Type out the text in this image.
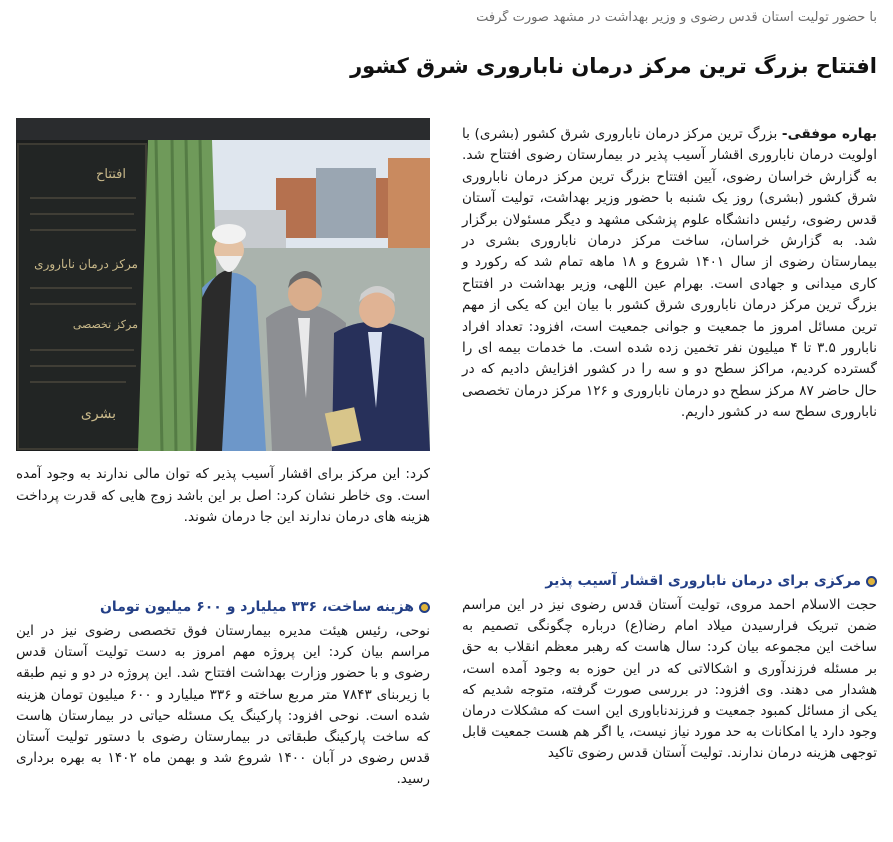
با حضور تولیت آستان قدس رضوی و وزیر بهداشت در مشهد صورت گرفت
افتتاح بزرگ ترین مرکز درمان ناباروری شرق کشور
افتتاح
مرکز درمان ناباروری
مرکز تخصصی
بشری
کرد: این مرکز برای اقشار آسیب پذیر که توان مالی ندارند به وجود آمده است. وی خاطر نشان کرد: اصل بر این باشد زوج هایی که قدرت پرداخت هزینه های درمان ندارند این جا درمان شوند.
بهاره موفقی- بزرگ ترین مرکز درمان ناباروری شرق کشور (بشری) با اولویت درمان ناباروری اقشار آسیب پذیر در بیمارستان رضوی افتتاح شد. به گزارش خراسان رضوی، آیین افتتاح بزرگ ترین مرکز درمان ناباروری شرق کشور (بشری) روز یک شنبه با حضور وزیر بهداشت، تولیت آستان قدس رضوی، رئیس دانشگاه علوم پزشکی مشهد و دیگر مسئولان برگزار شد. به گزارش خراسان، ساخت مرکز درمان ناباروری بشری در بیمارستان رضوی از سال ۱۴۰۱ شروع و ۱۸ ماهه تمام شد که رکورد و کاری میدانی و جهادی است. بهرام عین اللهی، وزیر بهداشت در افتتاح بزرگ ترین مرکز درمان ناباروری شرق کشور با بیان این که یکی از مهم ترین مسائل امروز ما جمعیت و جوانی جمعیت است، افزود: تعداد افراد نابارور ۳.۵ تا ۴ میلیون نفر تخمین زده شده است. ما خدمات بیمه ای را گسترده کردیم، مراکز سطح دو و سه را در کشور افزایش دادیم که در حال حاضر ۸۷ مرکز سطح دو درمان ناباروری و ۱۲۶ مرکز درمان تخصصی ناباروری سطح سه در کشور داریم.
مرکزی برای درمان ناباروری اقشار آسیب پذیر
حجت الاسلام احمد مروی، تولیت آستان قدس رضوی نیز در این مراسم ضمن تبریک فرارسیدن میلاد امام رضا(ع) درباره چگونگی تصمیم به ساخت این مجموعه بیان کرد: سال هاست که رهبر معظم انقلاب به حق بر مسئله فرزندآوری و اشکالاتی که در این حوزه به وجود آمده است، هشدار می دهند. وی افزود: در بررسی صورت گرفته، متوجه شدیم که یکی از مسائل کمبود جمعیت و فرزندناباوری این است که مشکلات درمان وجود دارد یا امکانات به حد مورد نیاز نیست، یا اگر هم هست جمعیت قابل توجهی هزینه درمان ندارند. تولیت آستان قدس رضوی تاکید
هزینه ساخت، ۳۳۶ میلیارد و ۶۰۰ میلیون تومان
نوحی، رئیس هیئت مدیره بیمارستان فوق تخصصی رضوی نیز در این مراسم بیان کرد: این پروژه مهم امروز به دست تولیت آستان قدس رضوی و با حضور وزارت بهداشت افتتاح شد. این پروژه در دو و نیم طبقه با زیربنای ۷۸۴۳ متر مربع ساخته و ۳۳۶ میلیارد و ۶۰۰ میلیون تومان هزینه شده است. نوحی افزود: پارکینگ یک مسئله حیاتی در بیمارستان هاست که ساخت پارکینگ طبقاتی در بیمارستان رضوی با دستور تولیت آستان قدس رضوی در آبان ۱۴۰۰ شروع شد و بهمن ماه ۱۴۰۲ به بهره برداری رسید.
